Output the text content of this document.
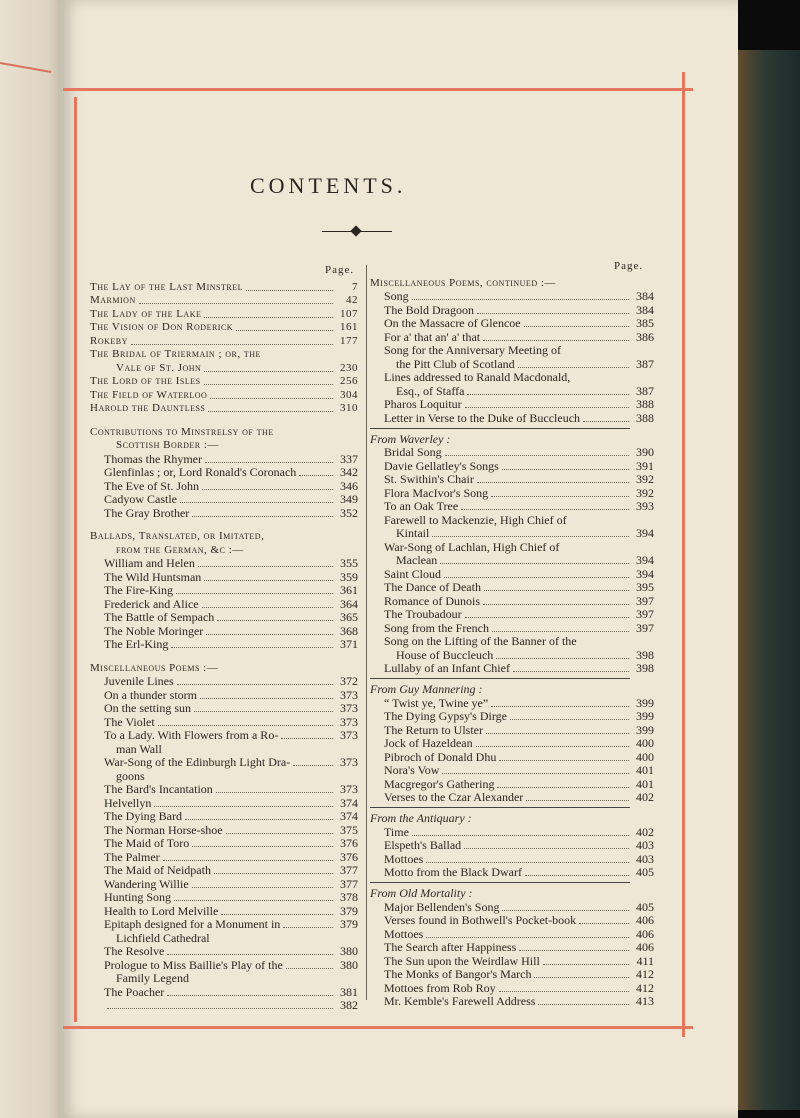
CONTENTS.
Page.	Page.
The Lay of the Last Minstrel	7
Marmion	42
The Lady of the Lake	107
The Vision of Don Roderick	161
Rokeby	177
The Bridal of Triermain ; or, the
Vale of St. John	230
The Lord of the Isles	256
The Field of Waterloo	304
Harold the Dauntless	310
Contributions to Minstrelsy of the
Scottish Border :—
Thomas the Rhymer	337
Glenfinlas ; or, Lord Ronald's Coronach	342
The Eve of St. John	346
Cadyow Castle	349
The Gray Brother	352
Ballads, Translated, or Imitated,
from the German, &c :—
William and Helen	355
The Wild Huntsman	359
The Fire-King	361
Frederick and Alice	364
The Battle of Sempach	365
The Noble Moringer	368
The Erl-King	371
Miscellaneous Poems :—
Juvenile Lines	372
On a thunder storm	373
On the setting sun	373
The Violet	373
To a Lady. With Flowers from a Ro-	373
man Wall
War-Song of the Edinburgh Light Dra-	373
goons
The Bard's Incantation	373
Helvellyn	374
The Dying Bard	374
The Norman Horse-shoe	375
The Maid of Toro	376
The Palmer	376
The Maid of Neidpath	377
Wandering Willie	377
Hunting Song	378
Health to Lord Melville	379
Epitaph designed for a Monument in	379
Lichfield Cathedral
The Resolve	380
Prologue to Miss Baillie's Play of the	380
Family Legend
The Poacher	381
382
Miscellaneous Poems, continued :—
Song	384
The Bold Dragoon	384
On the Massacre of Glencoe	385
For a' that an' a' that	386
Song for the Anniversary Meeting of
the Pitt Club of Scotland	387
Lines addressed to Ranald Macdonald,
Esq., of Staffa	387
Pharos Loquitur	388
Letter in Verse to the Duke of Buccleuch	388
From Waverley :
Bridal Song	390
Davie Gellatley's Songs	391
St. Swithin's Chair	392
Flora MacIvor's Song	392
To an Oak Tree	393
Farewell to Mackenzie, High Chief of
Kintail	394
War-Song of Lachlan, High Chief of
Maclean	394
Saint Cloud	394
The Dance of Death	395
Romance of Dunois	397
The Troubadour	397
Song from the French	397
Song on the Lifting of the Banner of the
House of Buccleuch	398
Lullaby of an Infant Chief	398
From Guy Mannering :
“ Twist ye, Twine ye”	399
The Dying Gypsy's Dirge	399
The Return to Ulster	399
Jock of Hazeldean	400
Pibroch of Donald Dhu	400
Nora's Vow	401
Macgregor's Gathering	401
Verses to the Czar Alexander	402
From the Antiquary :
Time	402
Elspeth's Ballad	403
Mottoes	403
Motto from the Black Dwarf	405
From Old Mortality :
Major Bellenden's Song	405
Verses found in Bothwell's Pocket-book	406
Mottoes	406
The Search after Happiness	406
The Sun upon the Weirdlaw Hill	411
The Monks of Bangor's March	412
Mottoes from Rob Roy	412
Mr. Kemble's Farewell Address	413
